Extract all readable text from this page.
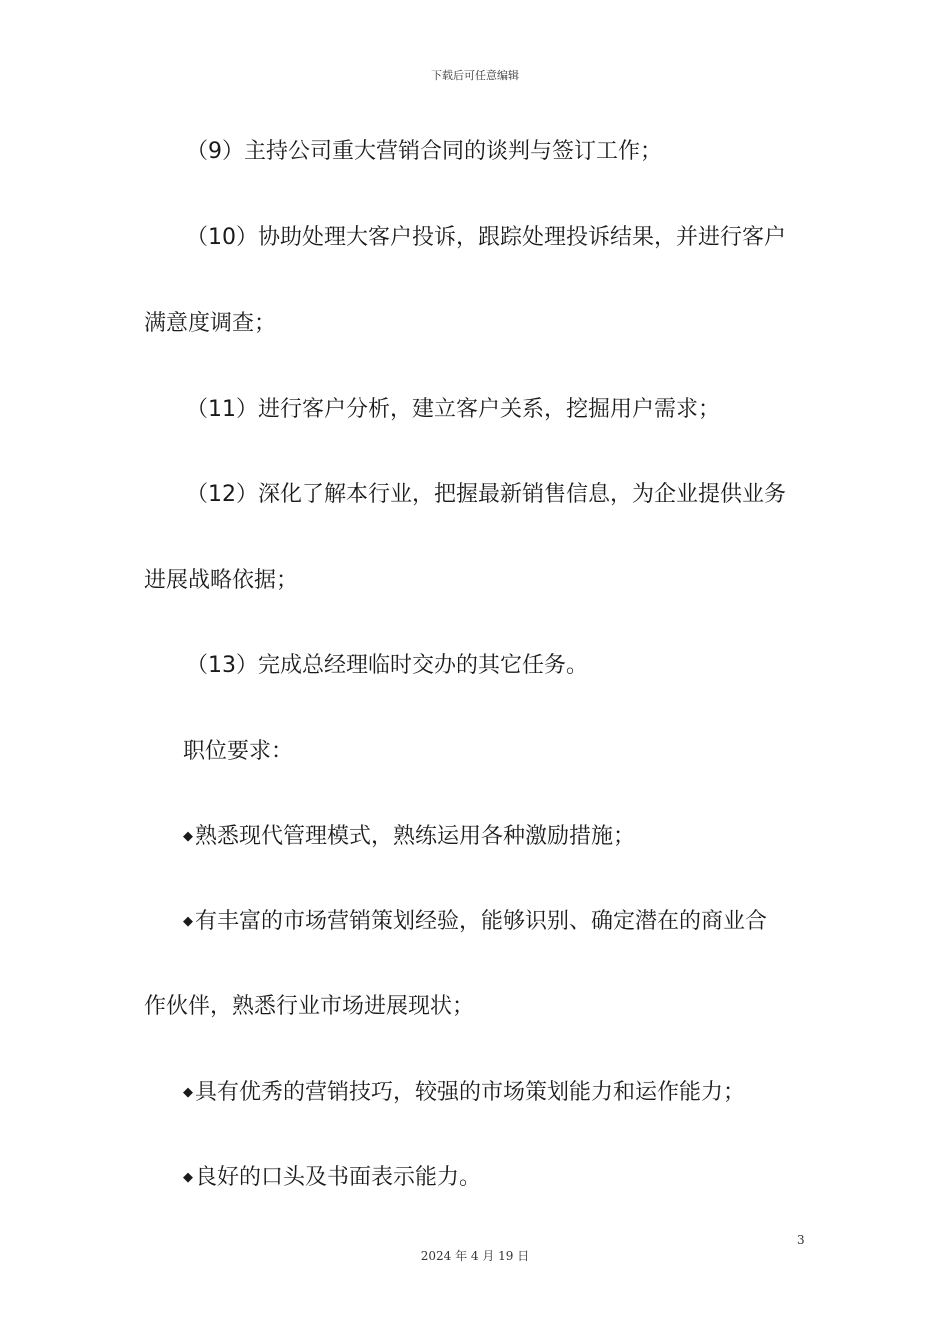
下载后可任意编辑
（9）主持公司重大营销合同的谈判与签订工作；
（10）协助处理大客户投诉，跟踪处理投诉结果，并进行客户
满意度调查；
（11）进行客户分析，建立客户关系，挖掘用户需求；
（12）深化了解本行业，把握最新销售信息，为企业提供业务
进展战略依据；
（13）完成总经理临时交办的其它任务。
职位要求：
◆熟悉现代管理模式，熟练运用各种激励措施；
◆有丰富的市场营销策划经验，能够识别、确定潜在的商业合
作伙伴，熟悉行业市场进展现状；
◆具有优秀的营销技巧，较强的市场策划能力和运作能力；
◆良好的口头及书面表示能力。
3
2024 年 4 月 19 日
